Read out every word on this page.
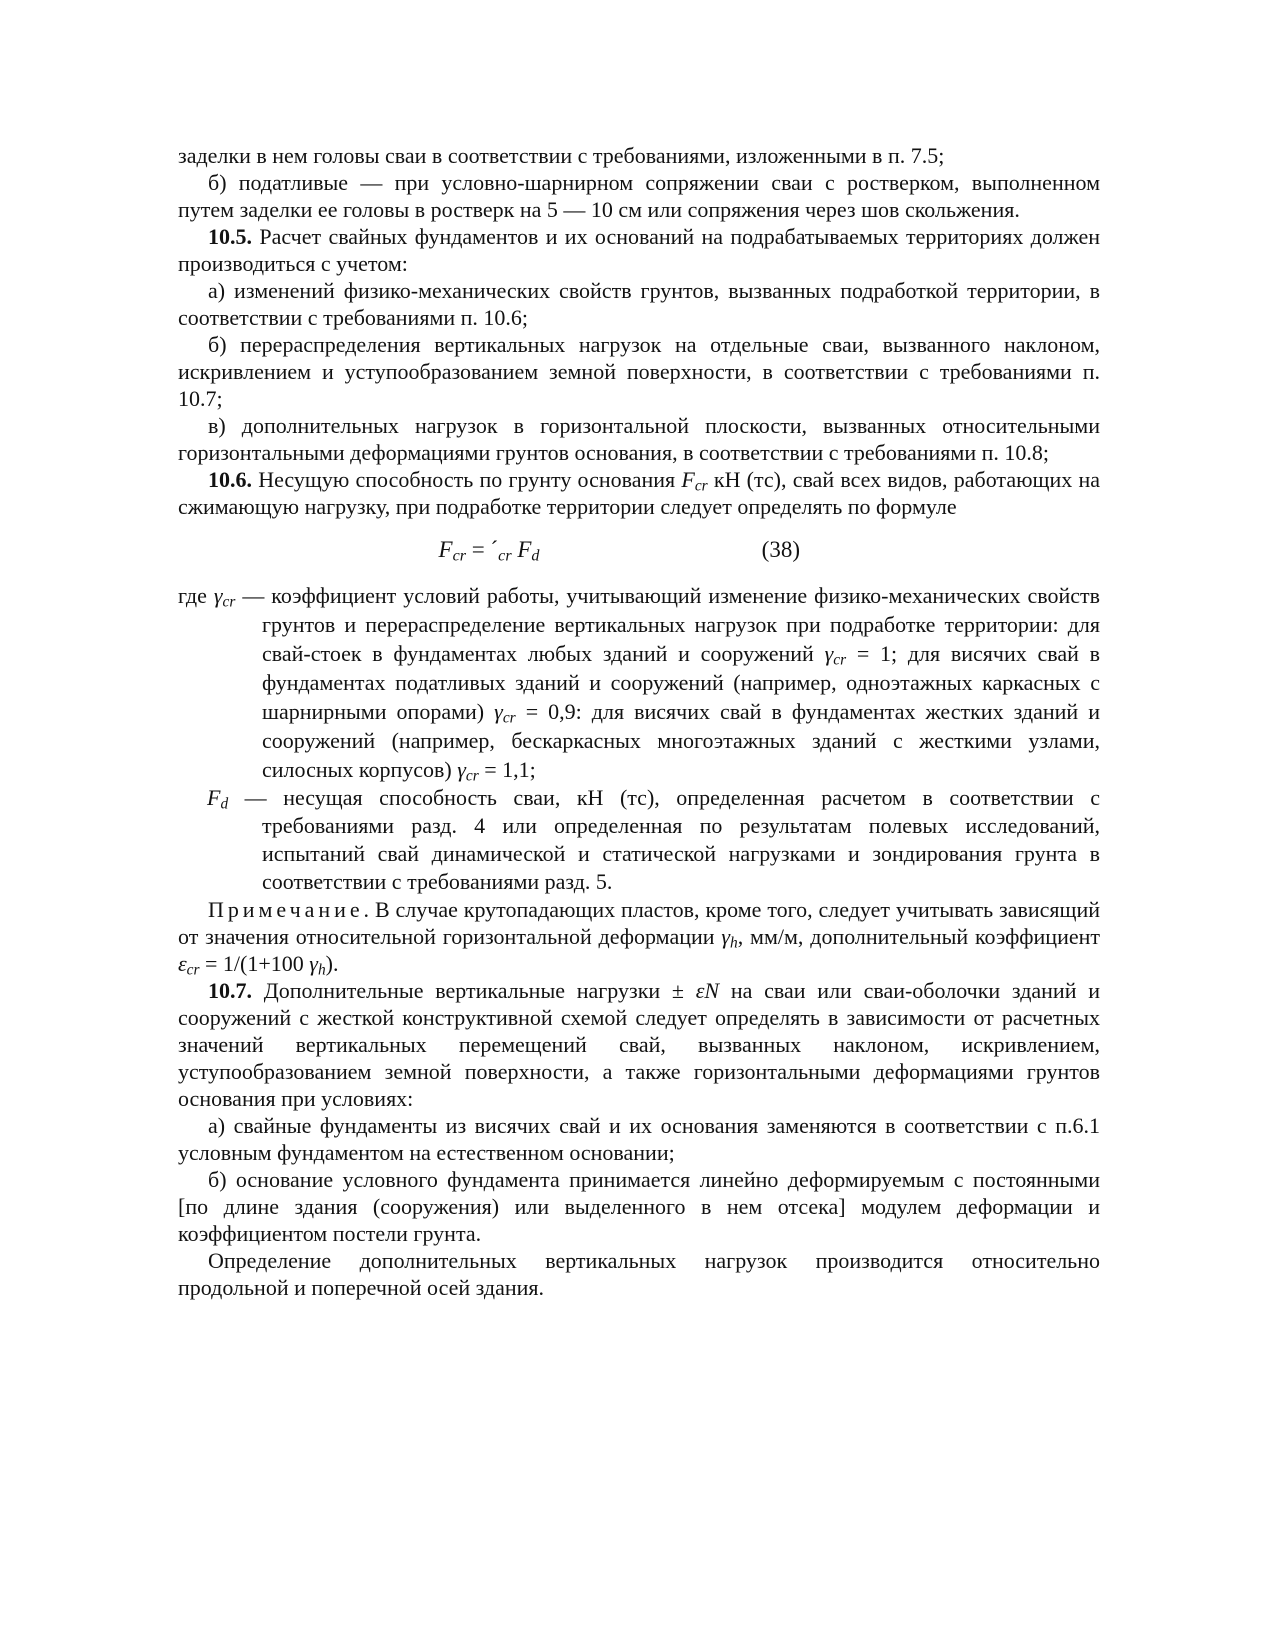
заделки в нем головы сваи в соответствии с требованиями, изложенными в п. 7.5;
б) податливые — при условно-шарнирном сопряжении сваи с ростверком, выполненном путем заделки ее головы в ростверк на 5 — 10 см или сопряжения через шов скольжения.
10.5. Расчет свайных фундаментов и их оснований на подрабатываемых территориях должен производиться с учетом:
а) изменений физико-механических свойств грунтов, вызванных подработкой территории, в соответствии с требованиями п. 10.6;
б) перераспределения вертикальных нагрузок на отдельные сваи, вызванного наклоном, искривлением и уступообразованием земной поверхности, в соответствии с требованиями п. 10.7;
в) дополнительных нагрузок в горизонтальной плоскости, вызванных относительными горизонтальными деформациями грунтов основания, в соответствии с требованиями п. 10.8;
10.6. Несущую способность по грунту основания $F_{cr}$ кН (тс), свай всех видов, работающих на сжимающую нагрузку, при подработке территории следует определять по формуле
$F_{cr}$ = $´_{cr}$ $F_d$	(38)
где $\gamma_{cr}$ — коэффициент условий работы, учитывающий изменение физико-механических свойств грунтов и перераспределение вертикальных нагрузок при подработке территории: для свай-стоек в фундаментах любых зданий и сооружений $\gamma_{cr} = 1$; для висячих свай в фундаментах податливых зданий и сооружений (например, одноэтажных каркасных с шарнирными опорами) $\gamma_{cr} = 0,9$: для висячих свай в фундаментах жестких зданий и сооружений (например, бескаркасных многоэтажных зданий с жесткими узлами, силосных корпусов) $\gamma_{cr} = 1,1$;
$F_d$ — несущая способность сваи, кН (тс), определенная расчетом в соответствии с требованиями разд. 4 или определенная по результатам полевых исследований, испытаний свай динамической и статической нагрузками и зондирования грунта в соответствии с требованиями разд. 5.
Примечание. В случае крутопадающих пластов, кроме того, следует учитывать зависящий от значения относительной горизонтальной деформации $\gamma_h$, мм/м, дополнительный коэффициент $\varepsilon_{cr} = 1/(1+100$ $\gamma_h$).
10.7. Дополнительные вертикальные нагрузки ± εN на сваи или сваи-оболочки зданий и сооружений с жесткой конструктивной схемой следует определять в зависимости от расчетных значений вертикальных перемещений свай, вызванных наклоном, искривлением, уступообразованием земной поверхности, а также горизонтальными деформациями грунтов основания при условиях:
а) свайные фундаменты из висячих свай и их основания заменяются в соответствии с п.6.1 условным фундаментом на естественном основании;
б) основание условного фундамента принимается линейно деформируемым с постоянными [по длине здания (сооружения) или выделенного в нем отсека] модулем деформации и коэффициентом постели грунта.
Определение дополнительных вертикальных нагрузок производится относительно продольной и поперечной осей здания.
